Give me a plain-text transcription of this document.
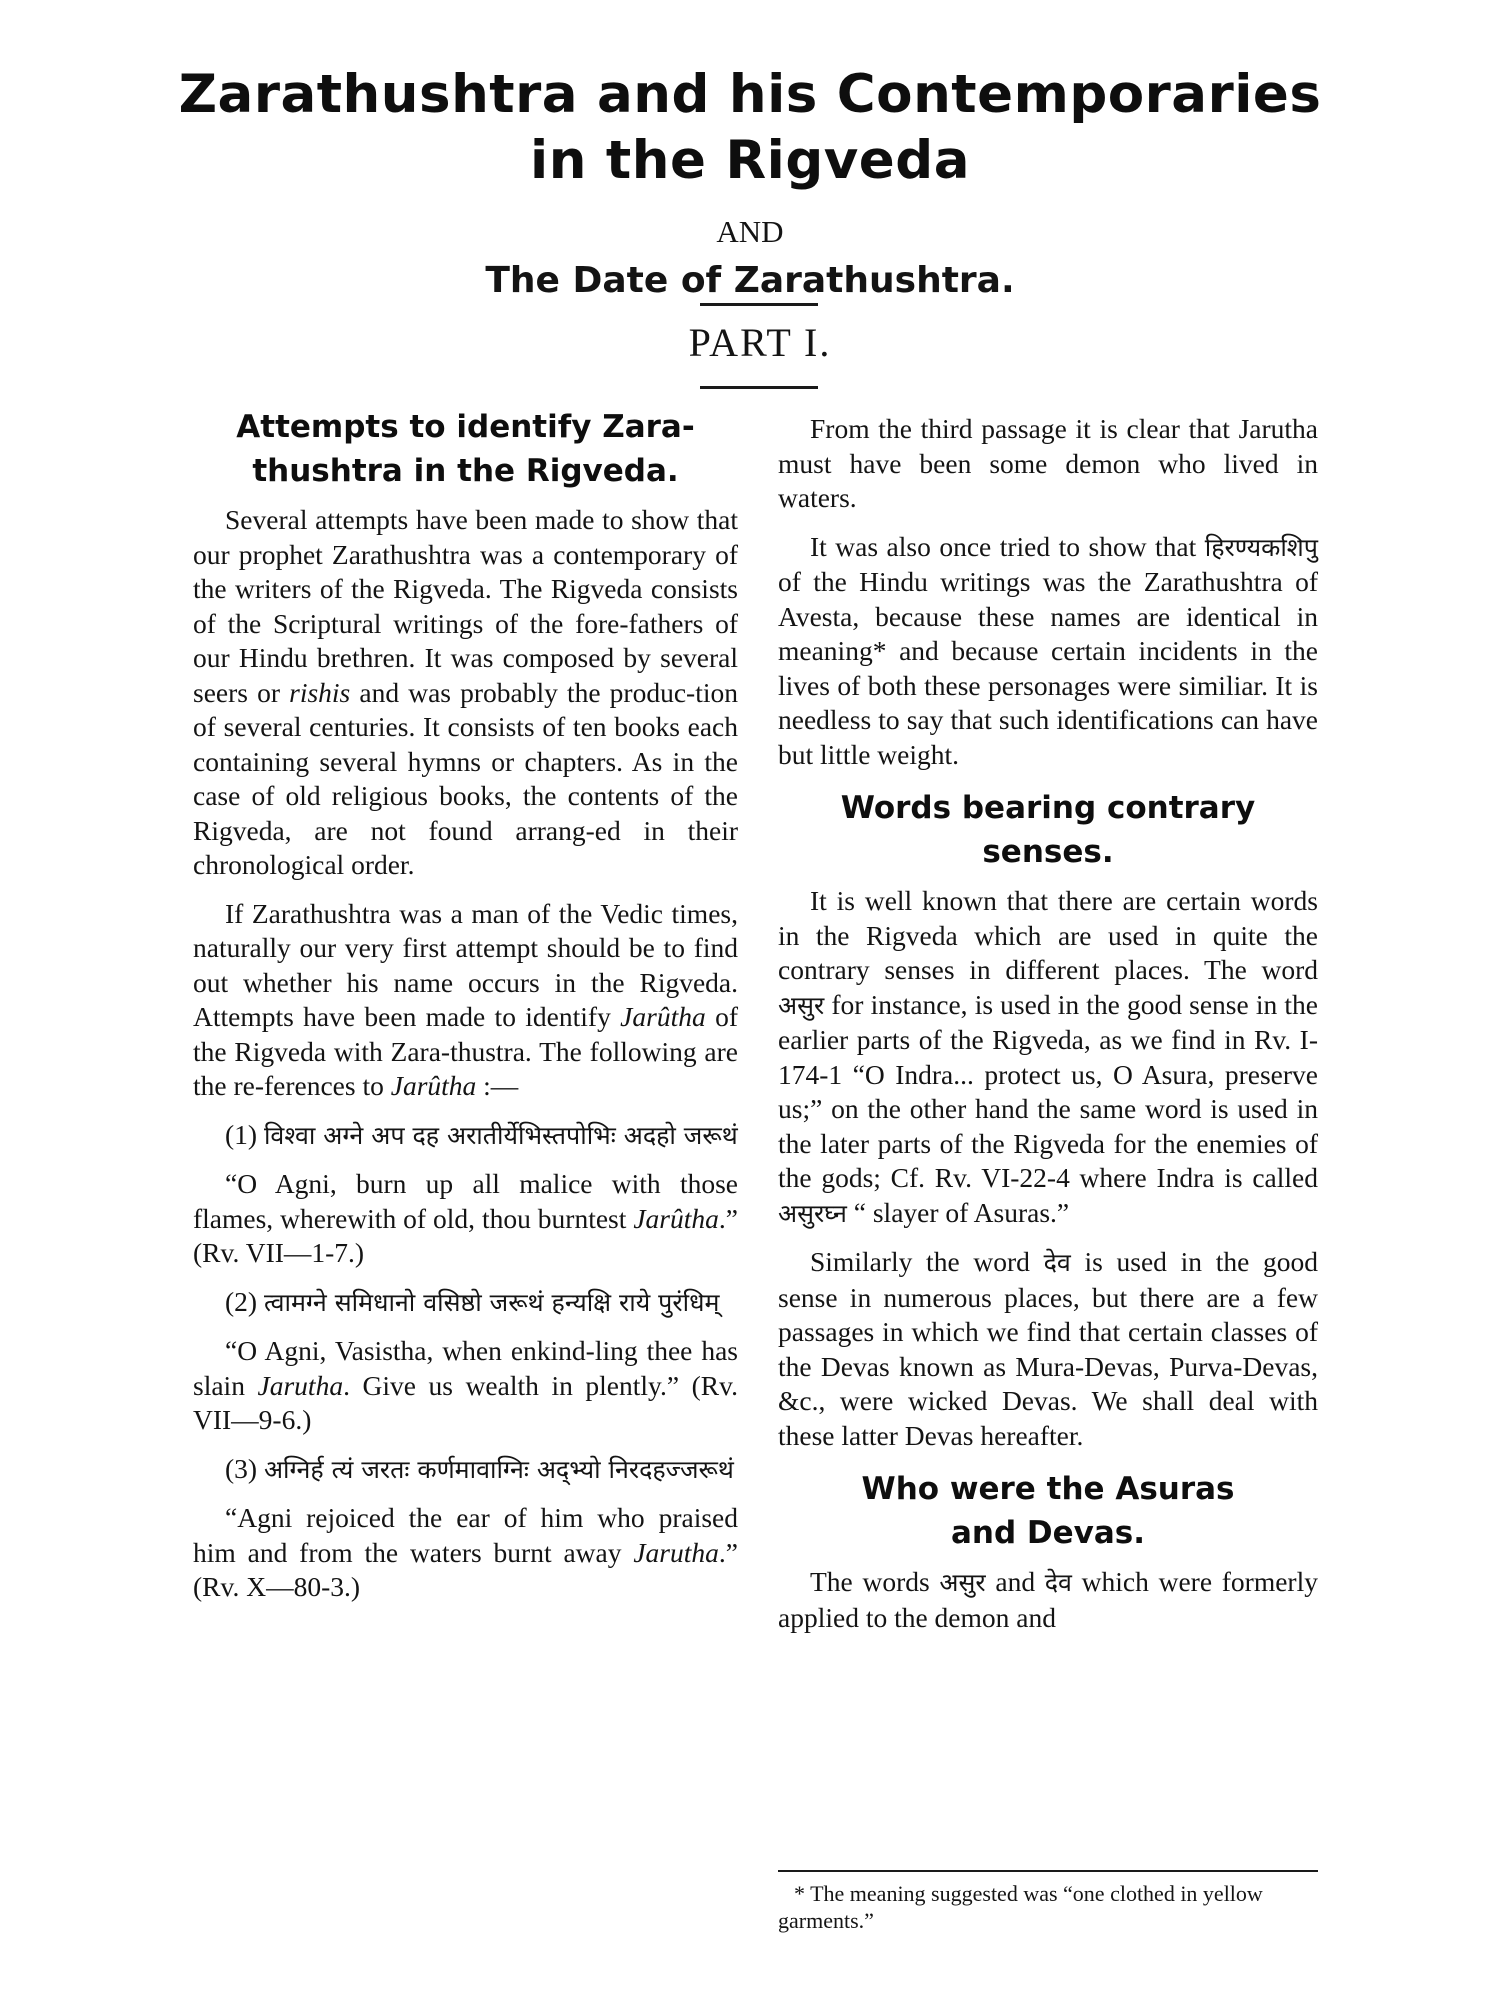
Zarathushtra and his Contemporaries
in the Rigveda
AND
The Date of Zarathushtra.
PART I.
Attempts to identify Zara-
thushtra in the Rigveda.

Several attempts have been made to show that our prophet Zarathushtra was a contemporary of the writers of the Rigveda. The Rigveda consists of the Scriptural writings of the fore-fathers of our Hindu brethren. It was composed by several seers or rishis and was probably the produc-tion of several centuries. It consists of ten books each containing several hymns or chapters. As in the case of old religious books, the contents of the Rigveda, are not found arrang-ed in their chronological order.

If Zarathushtra was a man of the Vedic times, naturally our very first attempt should be to find out whether his name occurs in the Rigveda. Attempts have been made to identify Jarûtha of the Rigveda with Zara-thustra. The following are the re-ferences to Jarûtha :—

(1) विश्वा अग्ने अप दह अरातीर्येभिस्तपोभिः अदहो जरूथं

“O Agni, burn up all malice with those flames, wherewith of old, thou burntest Jarûtha.” (Rv. VII—1-7.)

(2) त्वामग्ने समिधानो वसिष्ठो जरूथं हन्यक्षि राये पुरंधिम्

“O Agni, Vasistha, when enkind-ling thee has slain Jarutha. Give us wealth in plently.” (Rv. VII—9-6.)

(3) अग्निर्ह त्यं जरतः कर्णमावाग्निः अद्भ्यो निरदहज्जरूथं

“Agni rejoiced the ear of him who praised him and from the waters burnt away Jarutha.” (Rv. X—80-3.)

From the third passage it is clear that Jarutha must have been some demon who lived in waters.

It was also once tried to show that हिरण्यकशिपु of the Hindu writings was the Zarathushtra of Avesta, because these names are identical in meaning* and because certain incidents in the lives of both these personages were similiar. It is needless to say that such identifications can have but little weight.

Words bearing contrary
senses.

It is well known that there are certain words in the Rigveda which are used in quite the contrary senses in different places. The word असुर for instance, is used in the good sense in the earlier parts of the Rigveda, as we find in Rv. I-174-1 “O Indra... protect us, O Asura, preserve us;” on the other hand the same word is used in the later parts of the Rigveda for the enemies of the gods; Cf. Rv. VI-22-4 where Indra is called असुरघ्न “ slayer of Asuras.”

Similarly the word देव is used in the good sense in numerous places, but there are a few passages in which we find that certain classes of the Devas known as Mura-Devas, Purva-Devas, &c., were wicked Devas. We shall deal with these latter Devas hereafter.

Who were the Asuras
and Devas.

The words असुर and देव which were formerly applied to the demon and

* The meaning suggested was “one clothed in yellow garments.”
